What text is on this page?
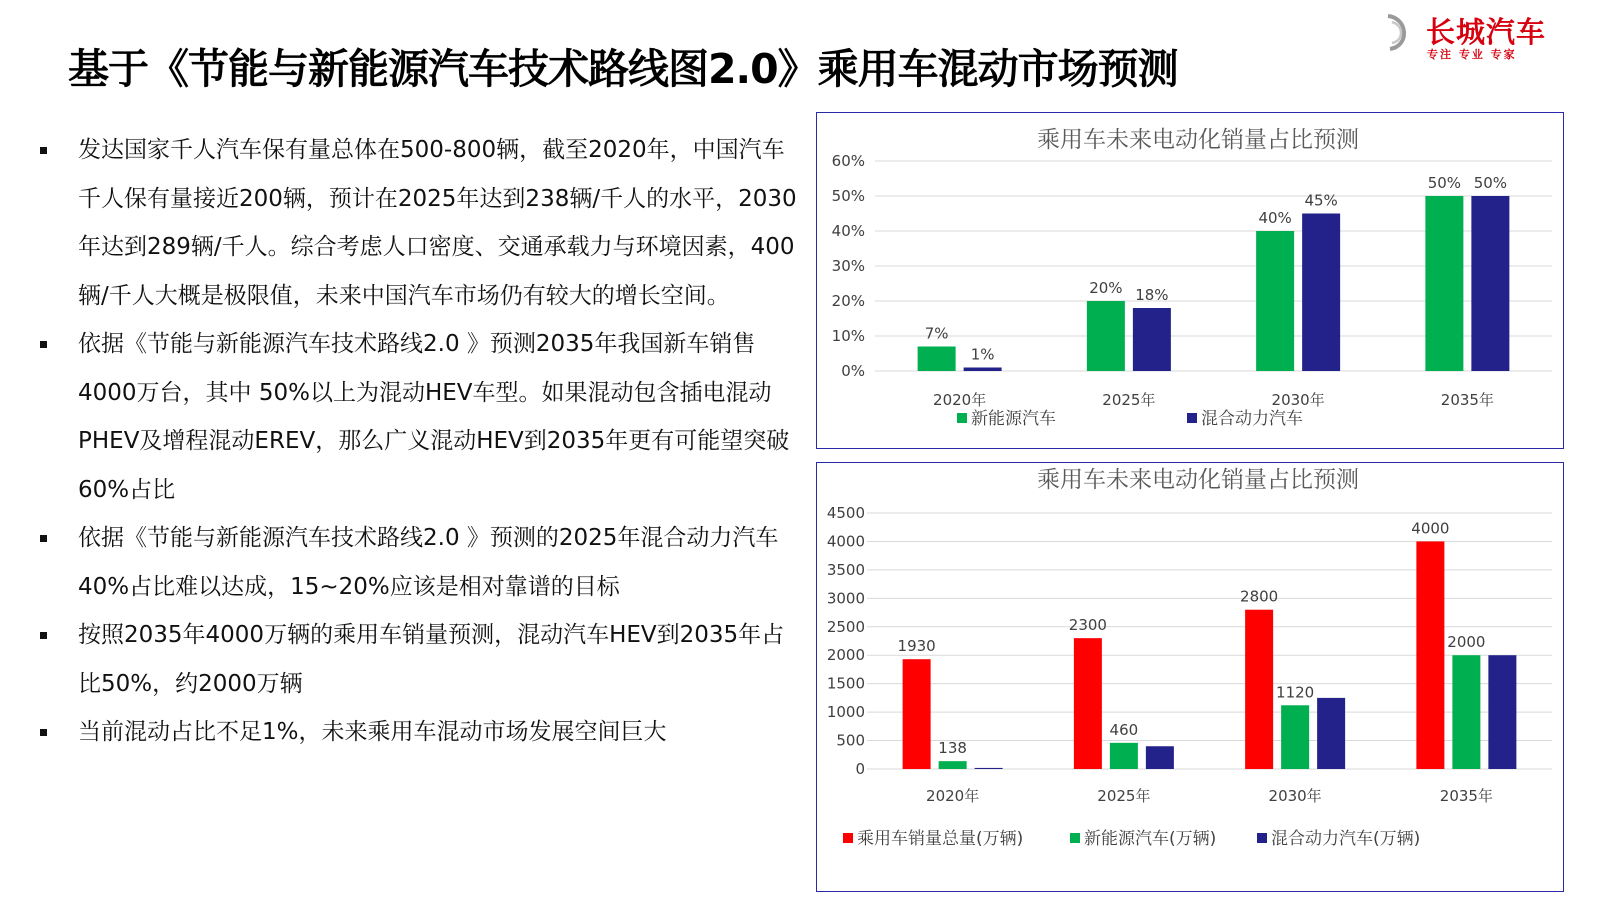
基于《节能与新能源汽车技术路线图2.0》乘用车混动市场预测
长城汽车
专注 专业 专家
发达国家千人汽车保有量总体在500-800辆，截至2020年，中国汽车千人保有量接近200辆，预计在2025年达到238辆/千人的水平，2030年达到289辆/千人。综合考虑人口密度、交通承载力与环境因素，400辆/千人大概是极限值，未来中国汽车市场仍有较大的增长空间。
依据《节能与新能源汽车技术路线2.0 》预测2035年我国新车销售 4000万台，其中 50%以上为混动HEV车型。如果混动包含插电混动PHEV及增程混动EREV，那么广义混动HEV到2035年更有可能望突破60%占比
依据《节能与新能源汽车技术路线2.0 》预测的2025年混合动力汽车40%占比难以达成，15~20%应该是相对靠谱的目标
按照2035年4000万辆的乘用车销量预测，混动汽车HEV到2035年占比50%，约2000万辆
当前混动占比不足1%，未来乘用车混动市场发展空间巨大
乘用车未来电动化销量占比预测
0%
10%
20%
30%
40%
50%
60%
7%
1%
2020年
20% 18%
2025年
40%
45%
2030年
50% 50%
2035年
新能源汽车	混合动力汽车
乘用车未来电动化销量占比预测
0
500
1000
1500
2000
2500
3000
3500
4000
4500
1930
138
2020年
2300
460
2025年
2800
1120
2030年
4000
2000
2035年
乘用车销量总量(万辆)	新能源汽车(万辆)	混合动力汽车(万辆)
